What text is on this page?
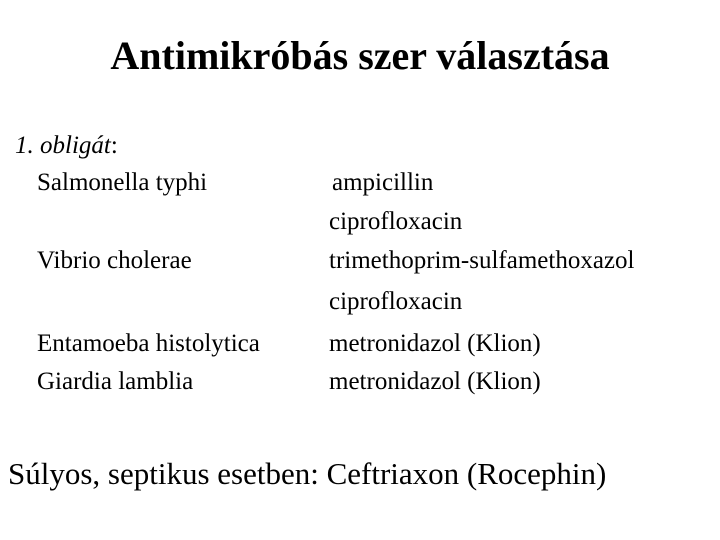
Antimikróbás szer választása
1. obligát:
Salmonella typhi
Vibrio cholerae
Entamoeba histolytica
Giardia lamblia
ampicillin
ciprofloxacin
trimethoprim-sulfamethoxazol
ciprofloxacin
metronidazol (Klion)
metronidazol (Klion)
Súlyos, septikus esetben: Ceftriaxon (Rocephin)
